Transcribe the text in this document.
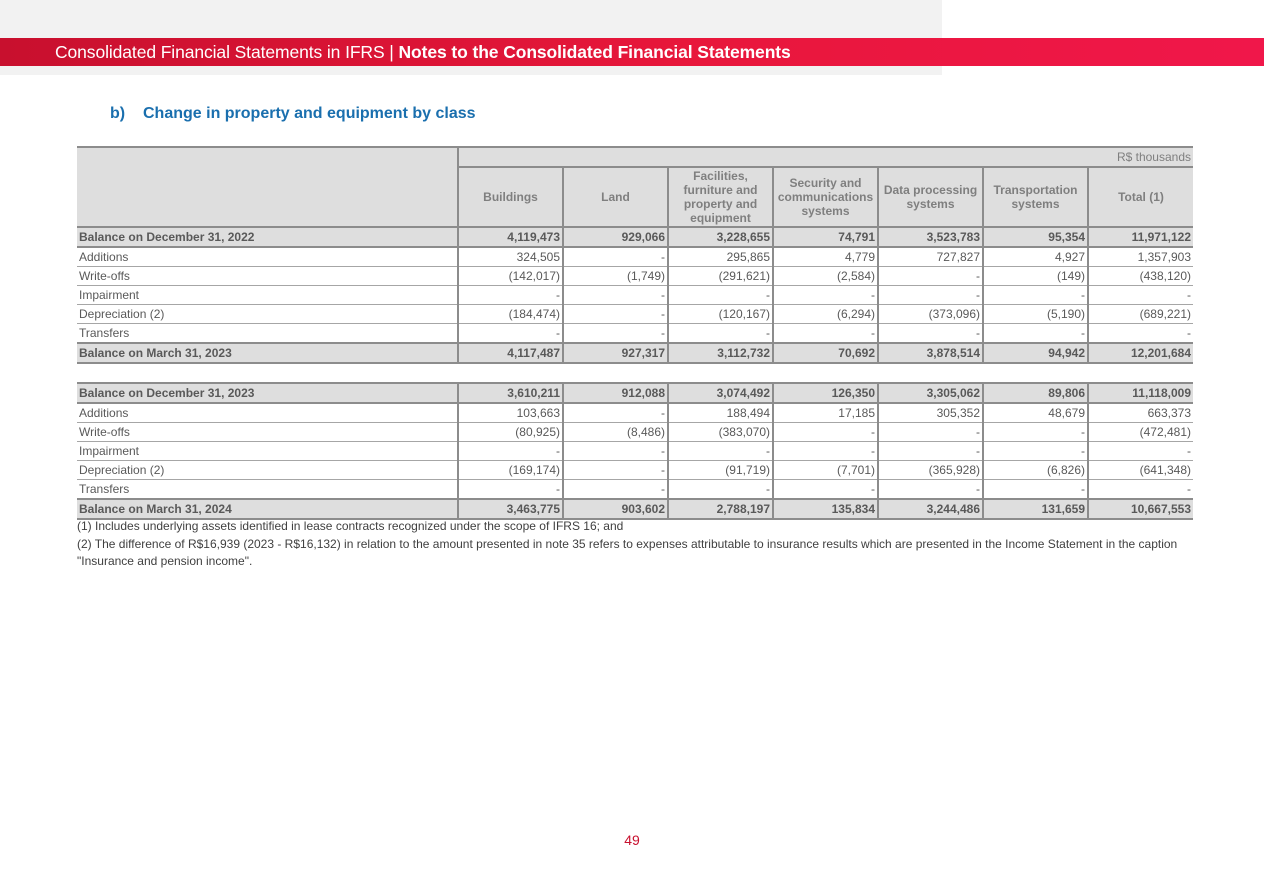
Consolidated Financial Statements in IFRS | Notes to the Consolidated Financial Statements
b) Change in property and equipment by class
	R$ thousands						
	Buildings	Land	Facilities, furniture and property and equipment	Security and communications systems	Data processing systems	Transportation systems	Total (1)
Balance on December 31, 2022	4,119,473	929,066	3,228,655	74,791	3,523,783	95,354	11,971,122
Additions	324,505	-	295,865	4,779	727,827	4,927	1,357,903
Write-offs	(142,017)	(1,749)	(291,621)	(2,584)	-	(149)	(438,120)
Impairment	-	-	-	-	-	-	-
Depreciation (2)	(184,474)	-	(120,167)	(6,294)	(373,096)	(5,190)	(689,221)
Transfers	-	-	-	-	-	-	-
Balance on March 31, 2023	4,117,487	927,317	3,112,732	70,692	3,878,514	94,942	12,201,684

Balance on December 31, 2023	3,610,211	912,088	3,074,492	126,350	3,305,062	89,806	11,118,009
Additions	103,663	-	188,494	17,185	305,352	48,679	663,373
Write-offs	(80,925)	(8,486)	(383,070)	-	-	-	(472,481)
Impairment	-	-	-	-	-	-	-
Depreciation (2)	(169,174)	-	(91,719)	(7,701)	(365,928)	(6,826)	(641,348)
Transfers	-	-	-	-	-	-	-
Balance on March 31, 2024	3,463,775	903,602	2,788,197	135,834	3,244,486	131,659	10,667,553

(1) Includes underlying assets identified in lease contracts recognized under the scope of IFRS 16; and

(2) The difference of R$16,939 (2023 - R$16,132) in relation to the amount presented in note 35 refers to expenses attributable to insurance results which are presented in the Income Statement in the caption "Insurance and pension income".

49
